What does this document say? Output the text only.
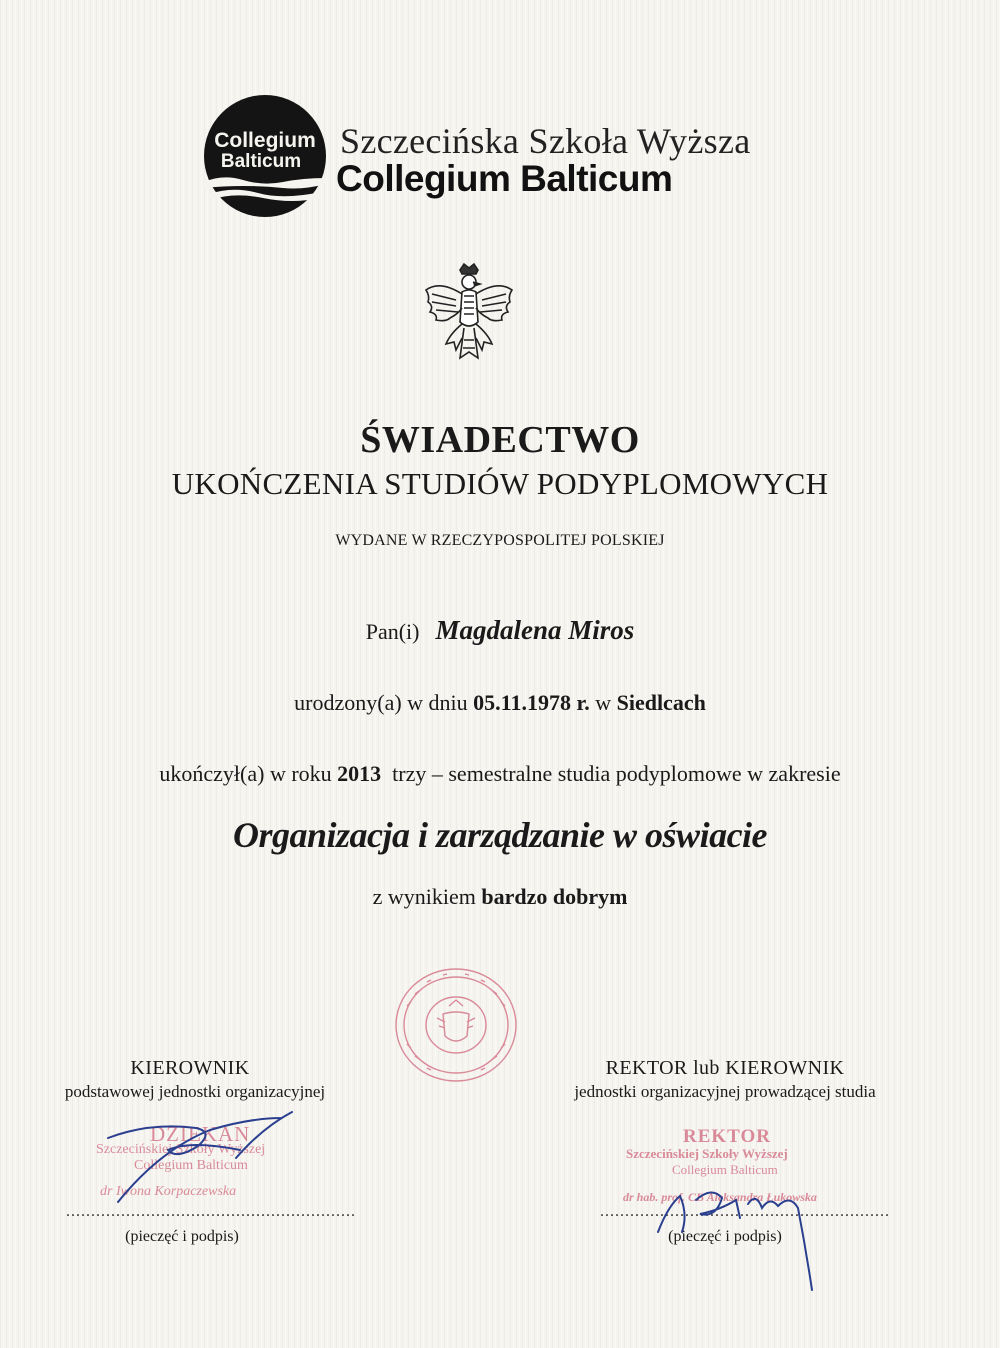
Collegium
Balticum
Szczecińska Szkoła Wyższa
Collegium Balticum
ŚWIADECTWO
UKOŃCZENIA STUDIÓW PODYPLOMOWYCH
WYDANE W RZECZYPOSPOLITEJ POLSKIEJ
Pan(i) Magdalena Miros
urodzony(a) w dniu 05.11.1978 r. w Siedlcach
ukończył(a) w roku 2013 trzy – semestralne studia podyplomowe w zakresie
Organizacja i zarządzanie w oświacie
z wynikiem bardzo dobrym
KIEROWNIK
podstawowej jednostki organizacyjnej
DZIEKAN
Szczecińskiej Szkoły Wyższej
Collegium Balticum
dr Iwona Korpaczewska
..........................................................
(pieczęć i podpis)
REKTOR lub KIEROWNIK
jednostki organizacyjnej prowadzącej studia
REKTOR
Szczecińskiej Szkoły Wyższej
Collegium Balticum
dr hab. prof. CB Aleksandra Łukowska
..........................................................
(pieczęć i podpis)
